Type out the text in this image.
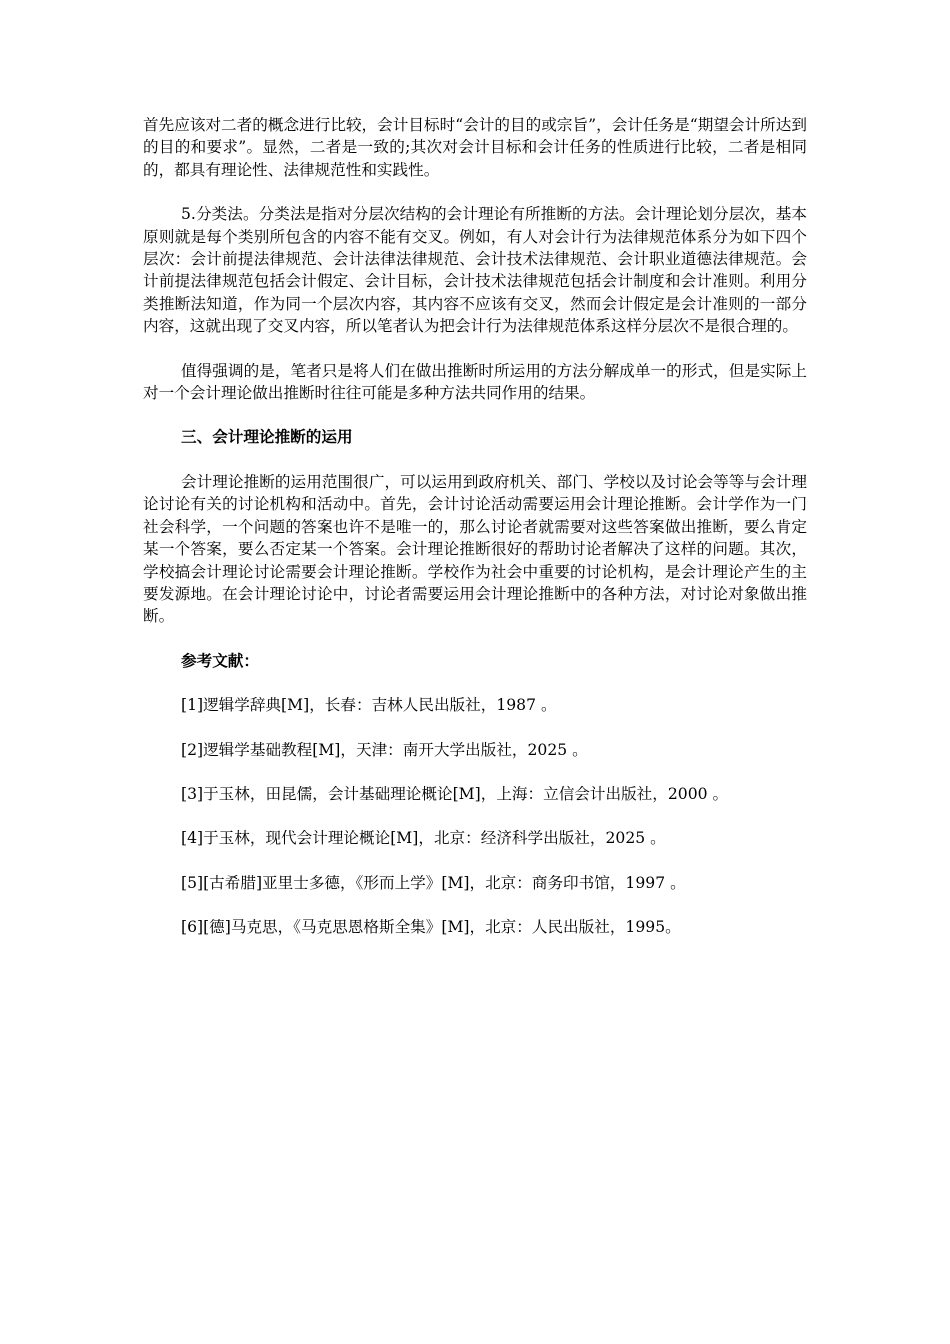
首先应该对二者的概念进行比较，会计目标时“会计的目的或宗旨”，会计任务是“期望会计所达到的目的和要求”。显然，二者是一致的;其次对会计目标和会计任务的性质进行比较，二者是相同的，都具有理论性、法律规范性和实践性。

5.分类法。分类法是指对分层次结构的会计理论有所推断的方法。会计理论划分层次，基本原则就是每个类别所包含的内容不能有交叉。例如，有人对会计行为法律规范体系分为如下四个层次：会计前提法律规范、会计法律法律规范、会计技术法律规范、会计职业道德法律规范。会计前提法律规范包括会计假定、会计目标，会计技术法律规范包括会计制度和会计准则。利用分类推断法知道，作为同一个层次内容，其内容不应该有交叉，然而会计假定是会计准则的一部分内容，这就出现了交叉内容，所以笔者认为把会计行为法律规范体系这样分层次不是很合理的。

值得强调的是，笔者只是将人们在做出推断时所运用的方法分解成单一的形式，但是实际上对一个会计理论做出推断时往往可能是多种方法共同作用的结果。

三、会计理论推断的运用

会计理论推断的运用范围很广，可以运用到政府机关、部门、学校以及讨论会等等与会计理论讨论有关的讨论机构和活动中。首先，会计讨论活动需要运用会计理论推断。会计学作为一门社会科学，一个问题的答案也许不是唯一的，那么讨论者就需要对这些答案做出推断，要么肯定某一个答案，要么否定某一个答案。会计理论推断很好的帮助讨论者解决了这样的问题。其次，学校搞会计理论讨论需要会计理论推断。学校作为社会中重要的讨论机构，是会计理论产生的主要发源地。在会计理论讨论中，讨论者需要运用会计理论推断中的各种方法，对讨论对象做出推断。

参考文献：

[1]逻辑学辞典[M]，长春：吉林人民出版社，1987 。

[2]逻辑学基础教程[M]，天津：南开大学出版社，2025 。

[3]于玉林，田昆儒，会计基础理论概论[M]，上海：立信会计出版社，2000 。

[4]于玉林，现代会计理论概论[M]，北京：经济科学出版社，2025 。

[5][古希腊]亚里士多德，《形而上学》[M]，北京：商务印书馆，1997 。

[6][德]马克思，《马克思恩格斯全集》[M]，北京：人民出版社，1995。
